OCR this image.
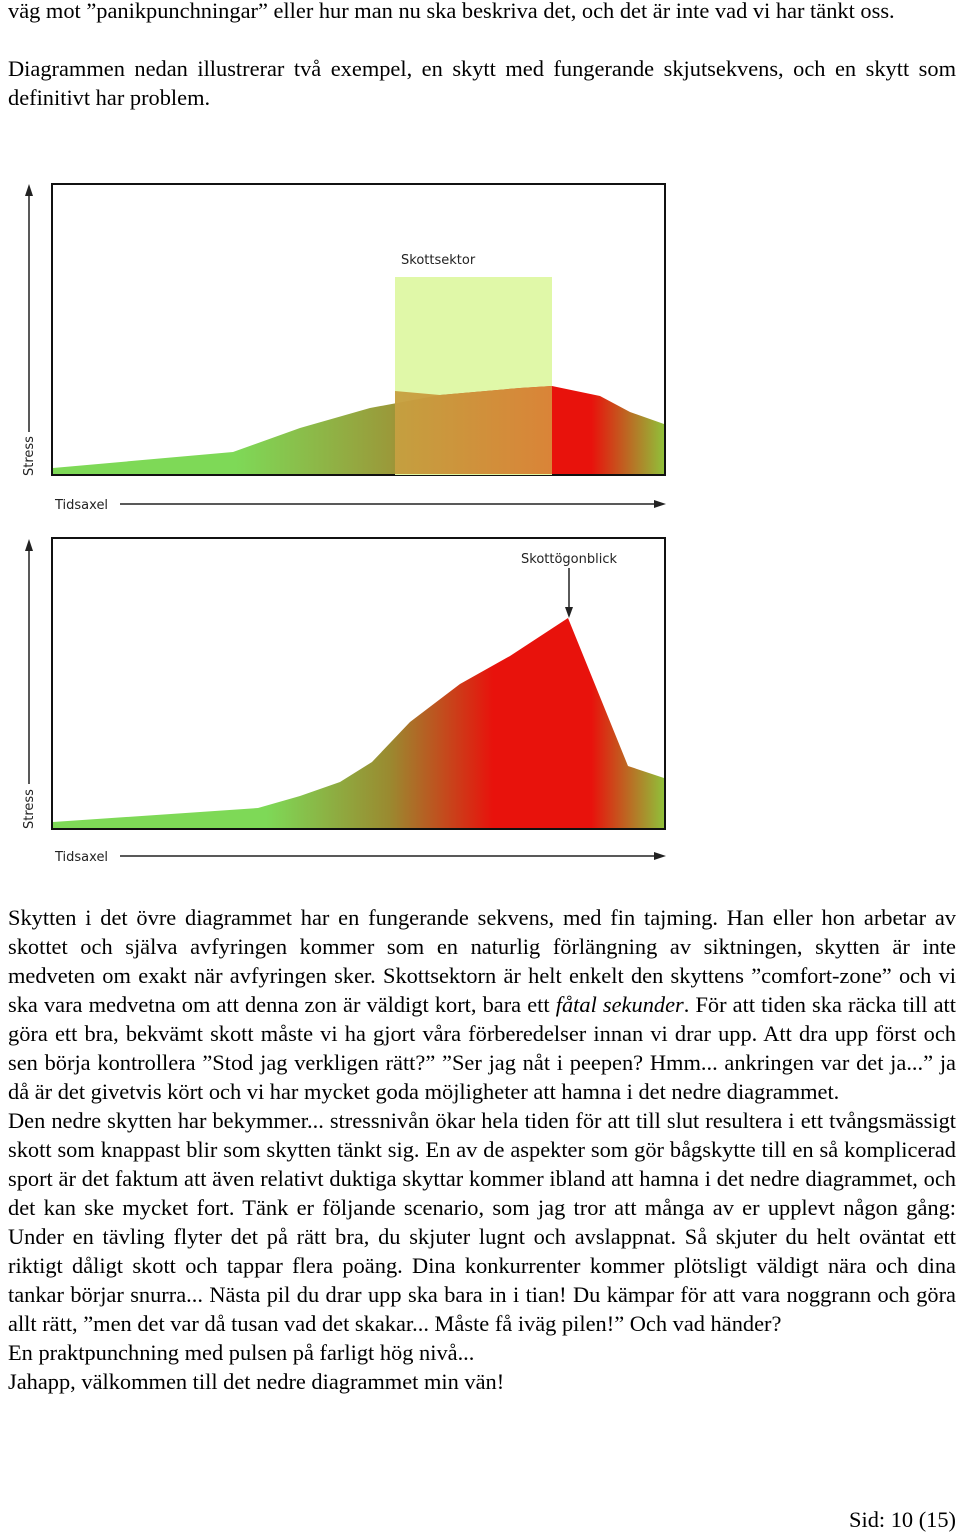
väg mot ”panikpunchningar” eller hur man nu ska beskriva det, och det är inte vad vi har tänkt oss.

Diagrammen nedan illustrerar två exempel, en skytt med fungerande skjutsekvens, och en skytt som definitivt har problem.

Stress
Tidsaxel
Skottsektor
Stress
Tidsaxel
Skottögonblick

Skytten i det övre diagrammet har en fungerande sekvens, med fin tajming. Han eller hon arbetar av skottet och själva avfyringen kommer som en naturlig förlängning av siktningen, skytten är inte medveten om exakt när avfyringen sker. Skottsektorn är helt enkelt den skyttens ”comfort-zone” och vi ska vara medvetna om att denna zon är väldigt kort, bara ett fåtal sekunder. För att tiden ska räcka till att göra ett bra, bekvämt skott måste vi ha gjort våra förberedelser innan vi drar upp. Att dra upp först och sen börja kontrollera ”Stod jag verkligen rätt?” ”Ser jag nåt i peepen? Hmm... ankringen var det ja...” ja då är det givetvis kört och vi har mycket goda möjligheter att hamna i det nedre diagrammet.

Den nedre skytten har bekymmer... stressnivån ökar hela tiden för att till slut resultera i ett tvångsmässigt skott som knappast blir som skytten tänkt sig. En av de aspekter som gör bågskytte till en så komplicerad sport är det faktum att även relativt duktiga skyttar kommer ibland att hamna i det nedre diagrammet, och det kan ske mycket fort. Tänk er följande scenario, som jag tror att många av er upplevt någon gång: Under en tävling flyter det på rätt bra, du skjuter lugnt och avslappnat. Så skjuter du helt oväntat ett riktigt dåligt skott och tappar flera poäng. Dina konkurrenter kommer plötsligt väldigt nära och dina tankar börjar snurra... Nästa pil du drar upp ska bara in i tian! Du kämpar för att vara noggrann och göra allt rätt, ”men det var då tusan vad det skakar... Måste få iväg pilen!” Och vad händer?

En praktpunchning med pulsen på farligt hög nivå...

Jahapp, välkommen till det nedre diagrammet min vän!

Sid: 10 (15)
